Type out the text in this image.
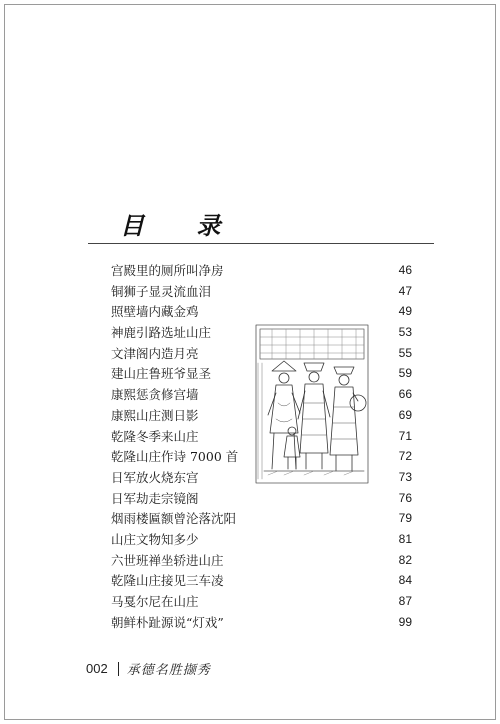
目 录
宫殿里的厕所叫净房	46
铜狮子显灵流血泪	47
照壁墙内藏金鸡	49
神鹿引路选址山庄	53
文津阁内造月亮	55
建山庄鲁班爷显圣	59
康熙惩贪修宫墙	66
康熙山庄测日影	69
乾隆冬季来山庄	71
乾隆山庄作诗 7000 首	72
日军放火烧东宫	73
日军劫走宗镜阁	76
烟雨楼匾额曾沦落沈阳	79
山庄文物知多少	81
六世班禅坐轿进山庄	82
乾隆山庄接见三车凌	84
马戛尔尼在山庄	87
朝鲜朴趾源说“灯戏”	99
002 承德名胜撷秀
